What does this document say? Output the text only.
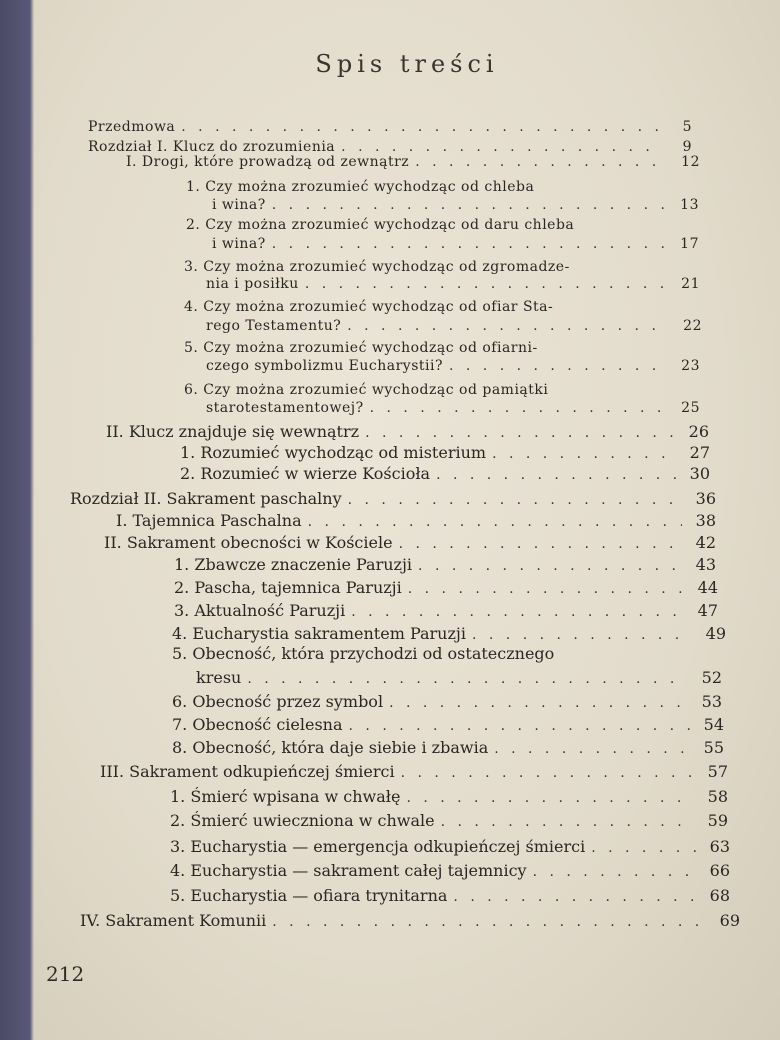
Spis treści
Przedmowa . . .	5
Rozdział I. Klucz do zrozumienia . . .	9
I. Drogi, które prowadzą od zewnątrz . . .	12
1. Czy można zrozumieć wychodząc od chleba
i wina? . . .	13
2. Czy można zrozumieć wychodząc od daru chleba
i wina? . . .	17
3. Czy można zrozumieć wychodząc od zgromadze-
nia i posiłku . . .	21
4. Czy można zrozumieć wychodząc od ofiar Sta-
rego Testamentu? . . .	22
5. Czy można zrozumieć wychodząc od ofiarni-
czego symbolizmu Eucharystii? . . .	23
6. Czy można zrozumieć wychodząc od pamiątki
starotestamentowej? . . .	25
II. Klucz znajduje się wewnątrz . . .	26
1. Rozumieć wychodząc od misterium . . .	27
2. Rozumieć w wierze Kościoła . . .	30
Rozdział II. Sakrament paschalny . . .	36
I. Tajemnica Paschalna . . .	38
II. Sakrament obecności w Kościele . . .	42
1. Zbawcze znaczenie Paruzji . . .	43
2. Pascha, tajemnica Paruzji . . .	44
3. Aktualność Paruzji . . .	47
4. Eucharystia sakramentem Paruzji . . .	49
5. Obecność, która przychodzi od ostatecznego
kresu . . .	52
6. Obecność przez symbol . . .	53
7. Obecność cielesna . . .	54
8. Obecność, która daje siebie i zbawia . . .	55
III. Sakrament odkupieńczej śmierci . . .	57
1. Śmierć wpisana w chwałę . . .	58
2. Śmierć uwieczniona w chwale . . .	59
3. Eucharystia — emergencja odkupieńczej śmierci . . .	63
4. Eucharystia — sakrament całej tajemnicy . . .	66
5. Eucharystia — ofiara trynitarna . . .	68
IV. Sakrament Komunii . . .	69
212
